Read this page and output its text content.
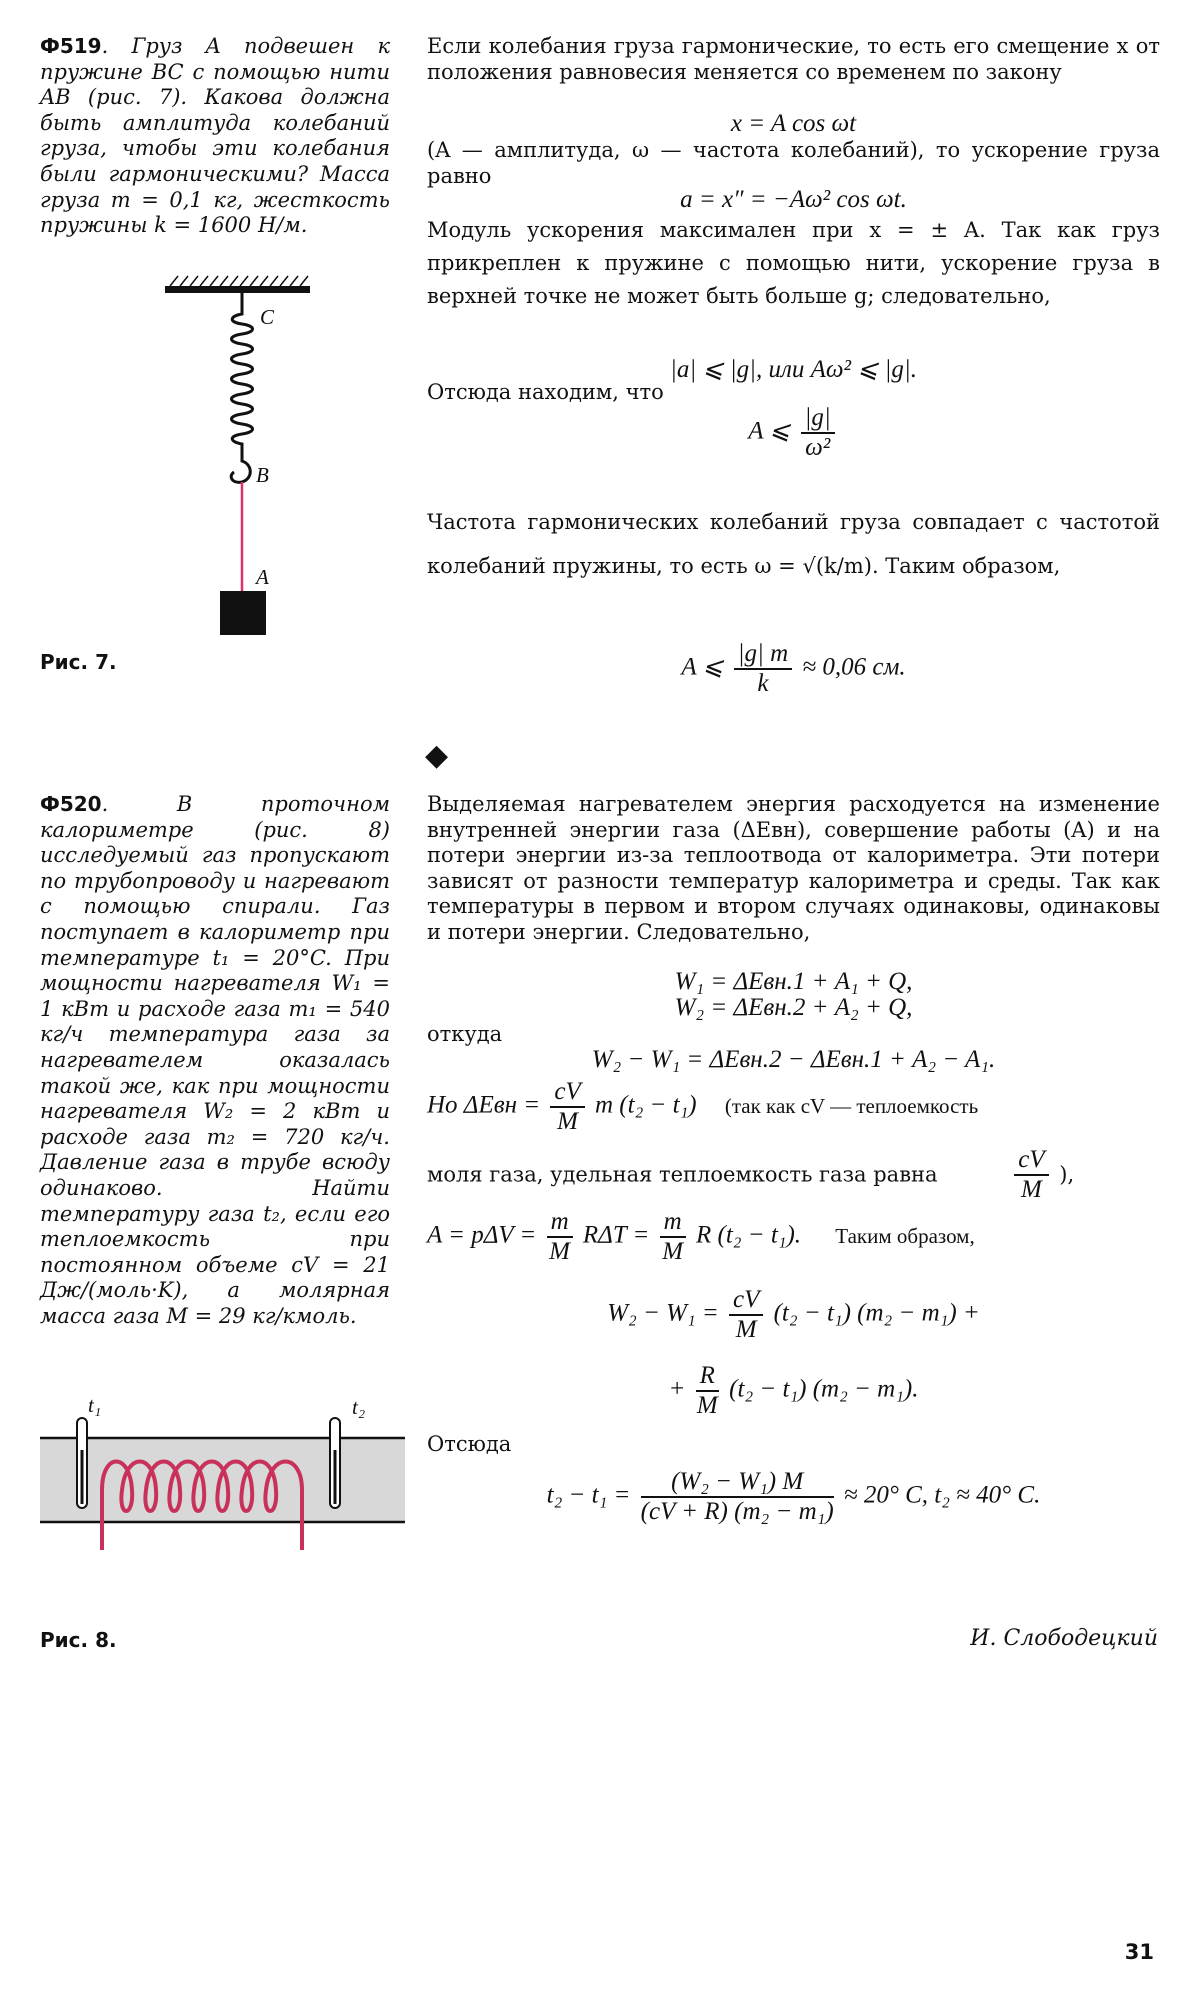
Ф519. Груз A подвешен к пружине BC с помощью нити AB (рис. 7). Какова должна быть амплитуда колебаний груза, чтобы эти колебания были гармоническими? Масса груза m = 0,1 кг, жесткость пружины k = 1600 Н/м.
C
B
A
Рис. 7.
Если колебания груза гармонические, то есть его смещение x от положения равновесия меняется со временем по закону
x = A cos ωt
(A — амплитуда, ω — частота колебаний), то ускорение груза равно
a = x″ = −Aω² cos ωt.
Модуль ускорения максимален при x = ± A. Так как груз прикреплен к пружине с помощью нити, ускорение груза в верхней точке не может быть больше g; следовательно,
|a| ⩽ |g|, или Aω² ⩽ |g|.
Отсюда находим, что
A ⩽ $\frac{|g|}{\text{ω²}}$
Частота гармонических колебаний груза совпадает с частотой колебаний пружины, то есть ω = √(k/m). Таким образом,
A ⩽ $\frac{|g| m}{k} \approx 0,06$ см.
◆
Ф520. В проточном калориметре (рис. 8) исследуемый газ пропускают по трубопроводу и нагревают с помощью спирали. Газ поступает в калориметр при температуре t₁ = 20°C. При мощности нагревателя W₁ = 1 кВт и расходе газа m₁ = 540 кг/ч температура газа за нагревателем оказалась такой же, как при мощности нагревателя W₂ = 2 кВт и расходе газа m₂ = 720 кг/ч. Давление газа в трубе всюду одинаково. Найти температуру газа t₂, если его теплоемкость при постоянном объеме cV = 21 Дж/(моль·K), а молярная масса газа M = 29 кг/кмоль.
t₁	t₂
Рис. 8.
Выделяемая нагревателем энергия расходуется на изменение внутренней энергии газа (ΔEвн), совершение работы (A) и на потери энергии из-за теплоотвода от калориметра. Эти потери зависят от разности температур калориметра и среды. Так как температуры в первом и втором случаях одинаковы, одинаковы и потери энергии. Следовательно,
W₁ = ΔEвн.1 + A₁ + Q,
W₂ = ΔEвн.2 + A₂ + Q,
откуда
W₂ − W₁ = ΔEвн.2 − ΔEвн.1 + A₂ − A₁.
Но $\Delta Eвн = \frac{cV}{M}$ m (t₂ − t₁) (так как cV — теплоемкость
моля газа, удельная теплоемкость газа равна	$\frac{cV}{M}$ ),
$A = p\Delta V = \frac{m}{M}$ $R\Delta T = \frac{m}{M}$ R (t₂ − t₁). Таким образом,
$W_2 - W_1 = \frac{cV}{M} (t_2 - t_1) (m_2 - m_1)$ +
+ $\frac{R}{M} (t_2 - t_1) (m_2 - m_1)$.
Отсюда
$t_2 - t_1 = \frac{\text{(W₂ − W₁) M}}{\text{(cV + R) (m₂ − m₁)}} \approx 20^\circ$ C, t₂ ≈ 40° C.
И. Слободецкий
31
